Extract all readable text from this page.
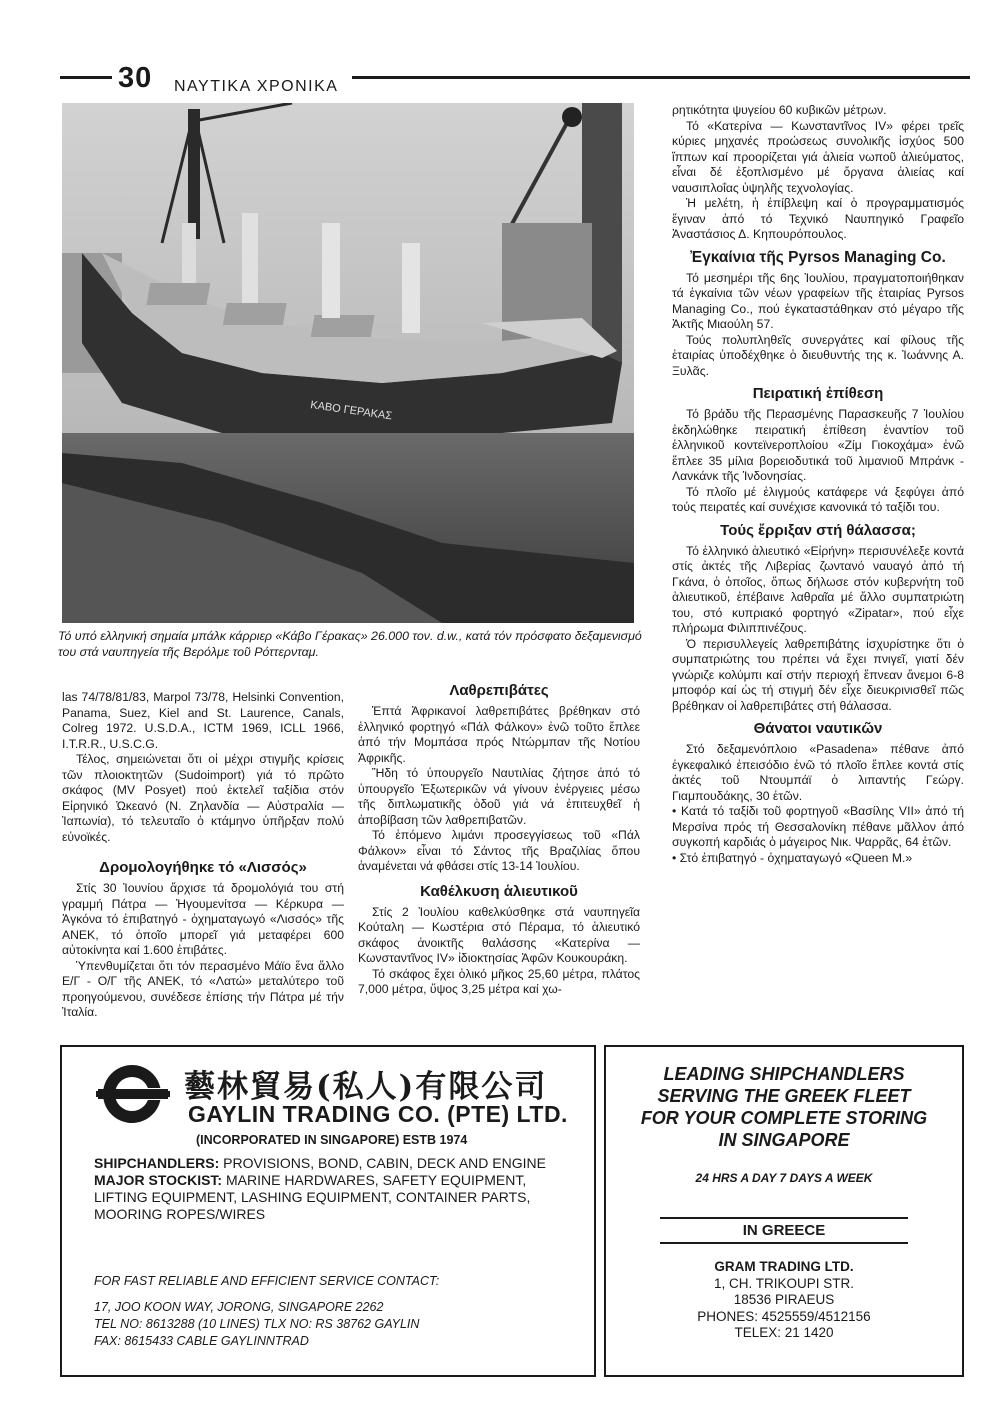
30 ΝΑΥΤΙΚΑ ΧΡΟΝΙΚΑ
ΚΑΒΟ ΓΕΡΑΚΑΣ
Τό υπό ελληνική σημαία μπάλκ κάρριερ «Κάβο Γέρακας» 26.000 τον. d.w., κατά τόν πρόσφατο δεξαμενισμό του στά ναυπηγεία τῆς Βερόλμε τοῦ Ρόττερνταμ.

las 74/78/81/83, Marpol 73/78, Helsinki Convention, Panama, Suez, Kiel and St. Laurence, Canals, Colreg 1972. U.S.D.A., ICTM 1969, ICLL 1966, I.T.R.R., U.S.C.G.

Τέλος, σημειώνεται ὅτι οἱ μέχρι στιγμῆς κρίσεις τῶν πλοιοκτητῶν (Sudoimport) γιά τό πρῶτο σκάφος (MV Posyet) πού ἐκτελεῖ ταξίδια στόν Εἰρηνικό Ὠκεανό (Ν. Ζηλανδία — Αὐστραλία — Ἰαπωνία), τό τελευταῖο ὁ κτάμηνο ὑπῆρξαν πολύ εὐνοϊκές.

Δρομολογήθηκε τό «Λισσός»

Στίς 30 Ἰουνίου ἄρχισε τά δρομολόγιά του στή γραμμή Πάτρα — Ἠγουμενίτσα — Κέρκυρα — Ἀγκόνα τό ἐπιβατηγό - ὀχηματαγωγό «Λισσός» τῆς ΑΝΕΚ, τό ὁποῖο μπορεῖ γιά μεταφέρει 600 αὐτοκίνητα καί 1.600 ἐπιβάτες.

Ὑπενθυμίζεται ὅτι τόν περασμένο Μάϊο ἕνα ἄλλο Ε/Γ - Ο/Γ τῆς ΑΝΕΚ, τό «Λατώ» μεταλύτερο τοῦ προηγούμενου, συνέδεσε ἐπίσης τήν Πάτρα μέ τήν Ἰταλία.

Λαθρεπιβάτες

Ἑπτά Ἀφρικανοί λαθρεπιβάτες βρέθηκαν στό ἑλληνικό φορτηγό «Πάλ Φάλκον» ἐνῶ τοῦτο ἔπλεε ἀπό τήν Μομπάσα πρός Ντώρμπαν τῆς Νοτίου Ἀφρικῆς.

Ἤδη τό ὑπουργεῖο Ναυτιλίας ζήτησε ἀπό τό ὑπουργεῖο Ἐξωτερικῶν νά γίνουν ἐνέργειες μέσω τῆς διπλωματικῆς ὁδοῦ γιά νά ἐπιτευχθεῖ ἡ ἀποβίβαση τῶν λαθρεπιβατῶν.

Τό ἑπόμενο λιμάνι προσεγγίσεως τοῦ «Πάλ Φάλκον» εἶναι τό Σάντος τῆς Βραζιλίας ὅπου ἀναμένεται νά φθάσει στίς 13-14 Ἰουλίου.

Καθέλκυση ἁλιευτικοῦ

Στίς 2 Ἰουλίου καθελκύσθηκε στά ναυπηγεῖα Κούταλη — Κωστέρια στό Πέραμα, τό ἁλιευτικό σκάφος ἀνοικτῆς θαλάσσης «Κατερίνα — Κωνσταντῖνος IV» ἰδιοκτησίας Ἀφῶν Κουκουράκη.

Τό σκάφος ἔχει ὁλικό μῆκος 25,60 μέτρα, πλάτος 7,000 μέτρα, ὕψος 3,25 μέτρα καί χω-

ρητικότητα ψυγείου 60 κυβικῶν μέτρων.

Τό «Κατερίνα — Κωνσταντῖνος IV» φέρει τρεῖς κύριες μηχανές προώσεως συνολικῆς ἰσχύος 500 ἵππων καί προορίζεται γιά ἁλιεία νωποῦ ἁλιεύματος, εἶναι δέ ἐξοπλισμένο μέ ὄργανα ἁλιείας καί ναυσιπλοΐας ὑψηλῆς τεχνολογίας.

Ἡ μελέτη, ἡ ἐπίβλεψη καί ὁ προγραμματισμός ἔγιναν ἀπό τό Τεχνικό Ναυπηγικό Γραφεῖο Ἀναστάσιος Δ. Κηπουρόπουλος.

Ἐγκαίνια τῆς Pyrsos Managing Co.

Τό μεσημέρι τῆς 6ης Ἰουλίου, πραγματοποιήθηκαν τά ἐγκαίνια τῶν νέων γραφείων τῆς ἑταιρίας Pyrsos Managing Co., πού ἐγκαταστάθηκαν στό μέγαρο τῆς Ἀκτῆς Μιαούλη 57.

Τούς πολυπληθεῖς συνεργάτες καί φίλους τῆς ἑταιρίας ὑποδέχθηκε ὁ διευθυντής της κ. Ἰωάννης Α. Ξυλᾶς.

Πειρατική ἐπίθεση

Τό βράδυ τῆς Περασμένης Παρασκευῆς 7 Ἰουλίου ἐκδηλώθηκε πειρατική ἐπίθεση ἐναντίον τοῦ ἑλληνικοῦ κοντεϊνεροπλοίου «Ζίμ Γιοκοχάμα» ἐνῶ ἔπλεε 35 μίλια βορειοδυτικά τοῦ λιμανιοῦ Μπράνκ - Λανκάνκ τῆς Ἰνδονησίας.

Τό πλοῖο μέ ἑλιγμούς κατάφερε νά ξεφύγει ἀπό τούς πειρατές καί συνέχισε κανονικά τό ταξίδι του.

Τούς ἔρριξαν στή θάλασσα;

Τό ἑλληνικό ἁλιευτικό «Εἰρήνη» περισυνέλεξε κοντά στίς ἀκτές τῆς Λιβερίας ζωντανό ναυαγό ἀπό τή Γκάνα, ὁ ὁποῖος, ὅπως δήλωσε στόν κυβερνήτη τοῦ ἁλιευτικοῦ, ἐπέβαινε λαθραῖα μέ ἄλλο συμπατριώτη του, στό κυπριακό φορτηγό «Zipatar», πού εἶχε πλήρωμα Φιλιππινέζους.

Ὁ περισυλλεγείς λαθρεπιβάτης ἰσχυρίστηκε ὅτι ὁ συμπατριώτης του πρέπει νά ἔχει πνιγεῖ, γιατί δέν γνώριζε κολύμπι καί στήν περιοχή ἔπνεαν ἄνεμοι 6-8 μποφόρ καί ὡς τή στιγμή δέν εἶχε διευκρινισθεῖ πῶς βρέθηκαν οἱ λαθρεπιβάτες στή θάλασσα.

Θάνατοι ναυτικῶν

Στό δεξαμενόπλοιο «Pasadena» πέθανε ἀπό ἐγκεφαλικό ἐπεισόδιο ἐνῶ τό πλοῖο ἔπλεε κοντά στίς ἀκτές τοῦ Ντουμπάϊ ὁ λιπαντής Γεώργ. Γιαμπουδάκης, 30 ἐτῶν.

• Κατά τό ταξίδι τοῦ φορτηγοῦ «Βασίλης VII» ἀπό τή Μερσίνα πρός τή Θεσσαλονίκη πέθανε μᾶλλον ἀπό συγκοπή καρδιάς ὁ μάγειρος Νικ. Ψαρρᾶς, 64 ἐτῶν.

• Στό ἐπιβατηγό - ὀχηματαγωγό «Queen M.»

藝林貿易(私人)有限公司
GAYLIN TRADING CO. (PTE) LTD.
(INCORPORATED IN SINGAPORE) ESTB 1974
SHIPCHANDLERS: PROVISIONS, BOND, CABIN, DECK AND ENGINE
MAJOR STOCKIST: MARINE HARDWARES, SAFETY EQUIPMENT,
LIFTING EQUIPMENT, LASHING EQUIPMENT, CONTAINER PARTS, MOORING ROPES/WIRES
FOR FAST RELIABLE AND EFFICIENT SERVICE CONTACT:
17, JOO KOON WAY, JORONG, SINGAPORE 2262
TEL NO: 8613288 (10 LINES) TLX NO: RS 38762 GAYLIN
FAX: 8615433 CABLE GAYLINNTRAD
LEADING SHIPCHANDLERS
SERVING THE GREEK FLEET
FOR YOUR COMPLETE STORING
IN SINGAPORE
24 HRS A DAY 7 DAYS A WEEK
IN GREECE
GRAM TRADING LTD.
1, CH. TRIKOUPI STR.
18536 PIRAEUS
PHONES: 4525559/4512156
TELEX: 21 1420
